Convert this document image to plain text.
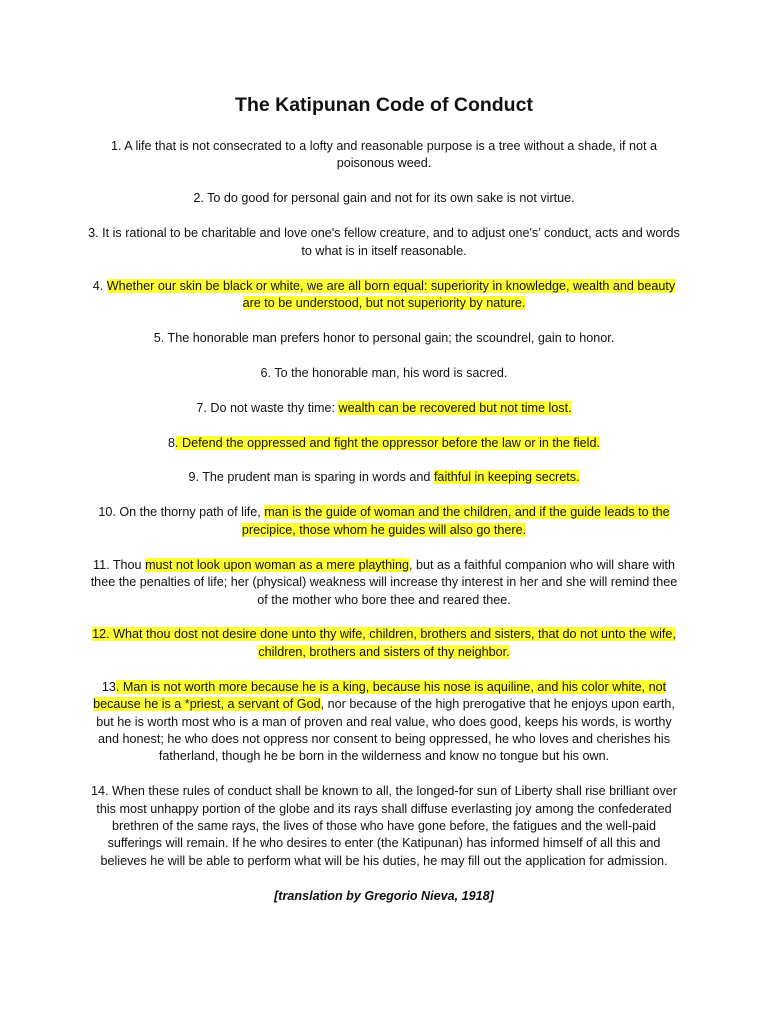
The Katipunan Code of Conduct
1. A life that is not consecrated to a lofty and reasonable purpose is a tree without a shade, if not a poisonous weed.
2. To do good for personal gain and not for its own sake is not virtue.
3. It is rational to be charitable and love one's fellow creature, and to adjust one's’ conduct, acts and words to what is in itself reasonable.
4. Whether our skin be black or white, we are all born equal: superiority in knowledge, wealth and beauty are to be understood, but not superiority by nature.
5. The honorable man prefers honor to personal gain; the scoundrel, gain to honor.
6. To the honorable man, his word is sacred.
7. Do not waste thy time: wealth can be recovered but not time lost.
8. Defend the oppressed and fight the oppressor before the law or in the field.
9. The prudent man is sparing in words and faithful in keeping secrets.
10. On the thorny path of life, man is the guide of woman and the children, and if the guide leads to the precipice, those whom he guides will also go there.
11. Thou must not look upon woman as a mere plaything, but as a faithful companion who will share with thee the penalties of life; her (physical) weakness will increase thy interest in her and she will remind thee of the mother who bore thee and reared thee.
12. What thou dost not desire done unto thy wife, children, brothers and sisters, that do not unto the wife, children, brothers and sisters of thy neighbor.
13. Man is not worth more because he is a king, because his nose is aquiline, and his color white, not because he is a *priest, a servant of God, nor because of the high prerogative that he enjoys upon earth, but he is worth most who is a man of proven and real value, who does good, keeps his words, is worthy and honest; he who does not oppress nor consent to being oppressed, he who loves and cherishes his fatherland, though he be born in the wilderness and know no tongue but his own.
14. When these rules of conduct shall be known to all, the longed-for sun of Liberty shall rise brilliant over this most unhappy portion of the globe and its rays shall diffuse everlasting joy among the confederated brethren of the same rays, the lives of those who have gone before, the fatigues and the well-paid sufferings will remain. If he who desires to enter (the Katipunan) has informed himself of all this and believes he will be able to perform what will be his duties, he may fill out the application for admission.
[translation by Gregorio Nieva, 1918]
